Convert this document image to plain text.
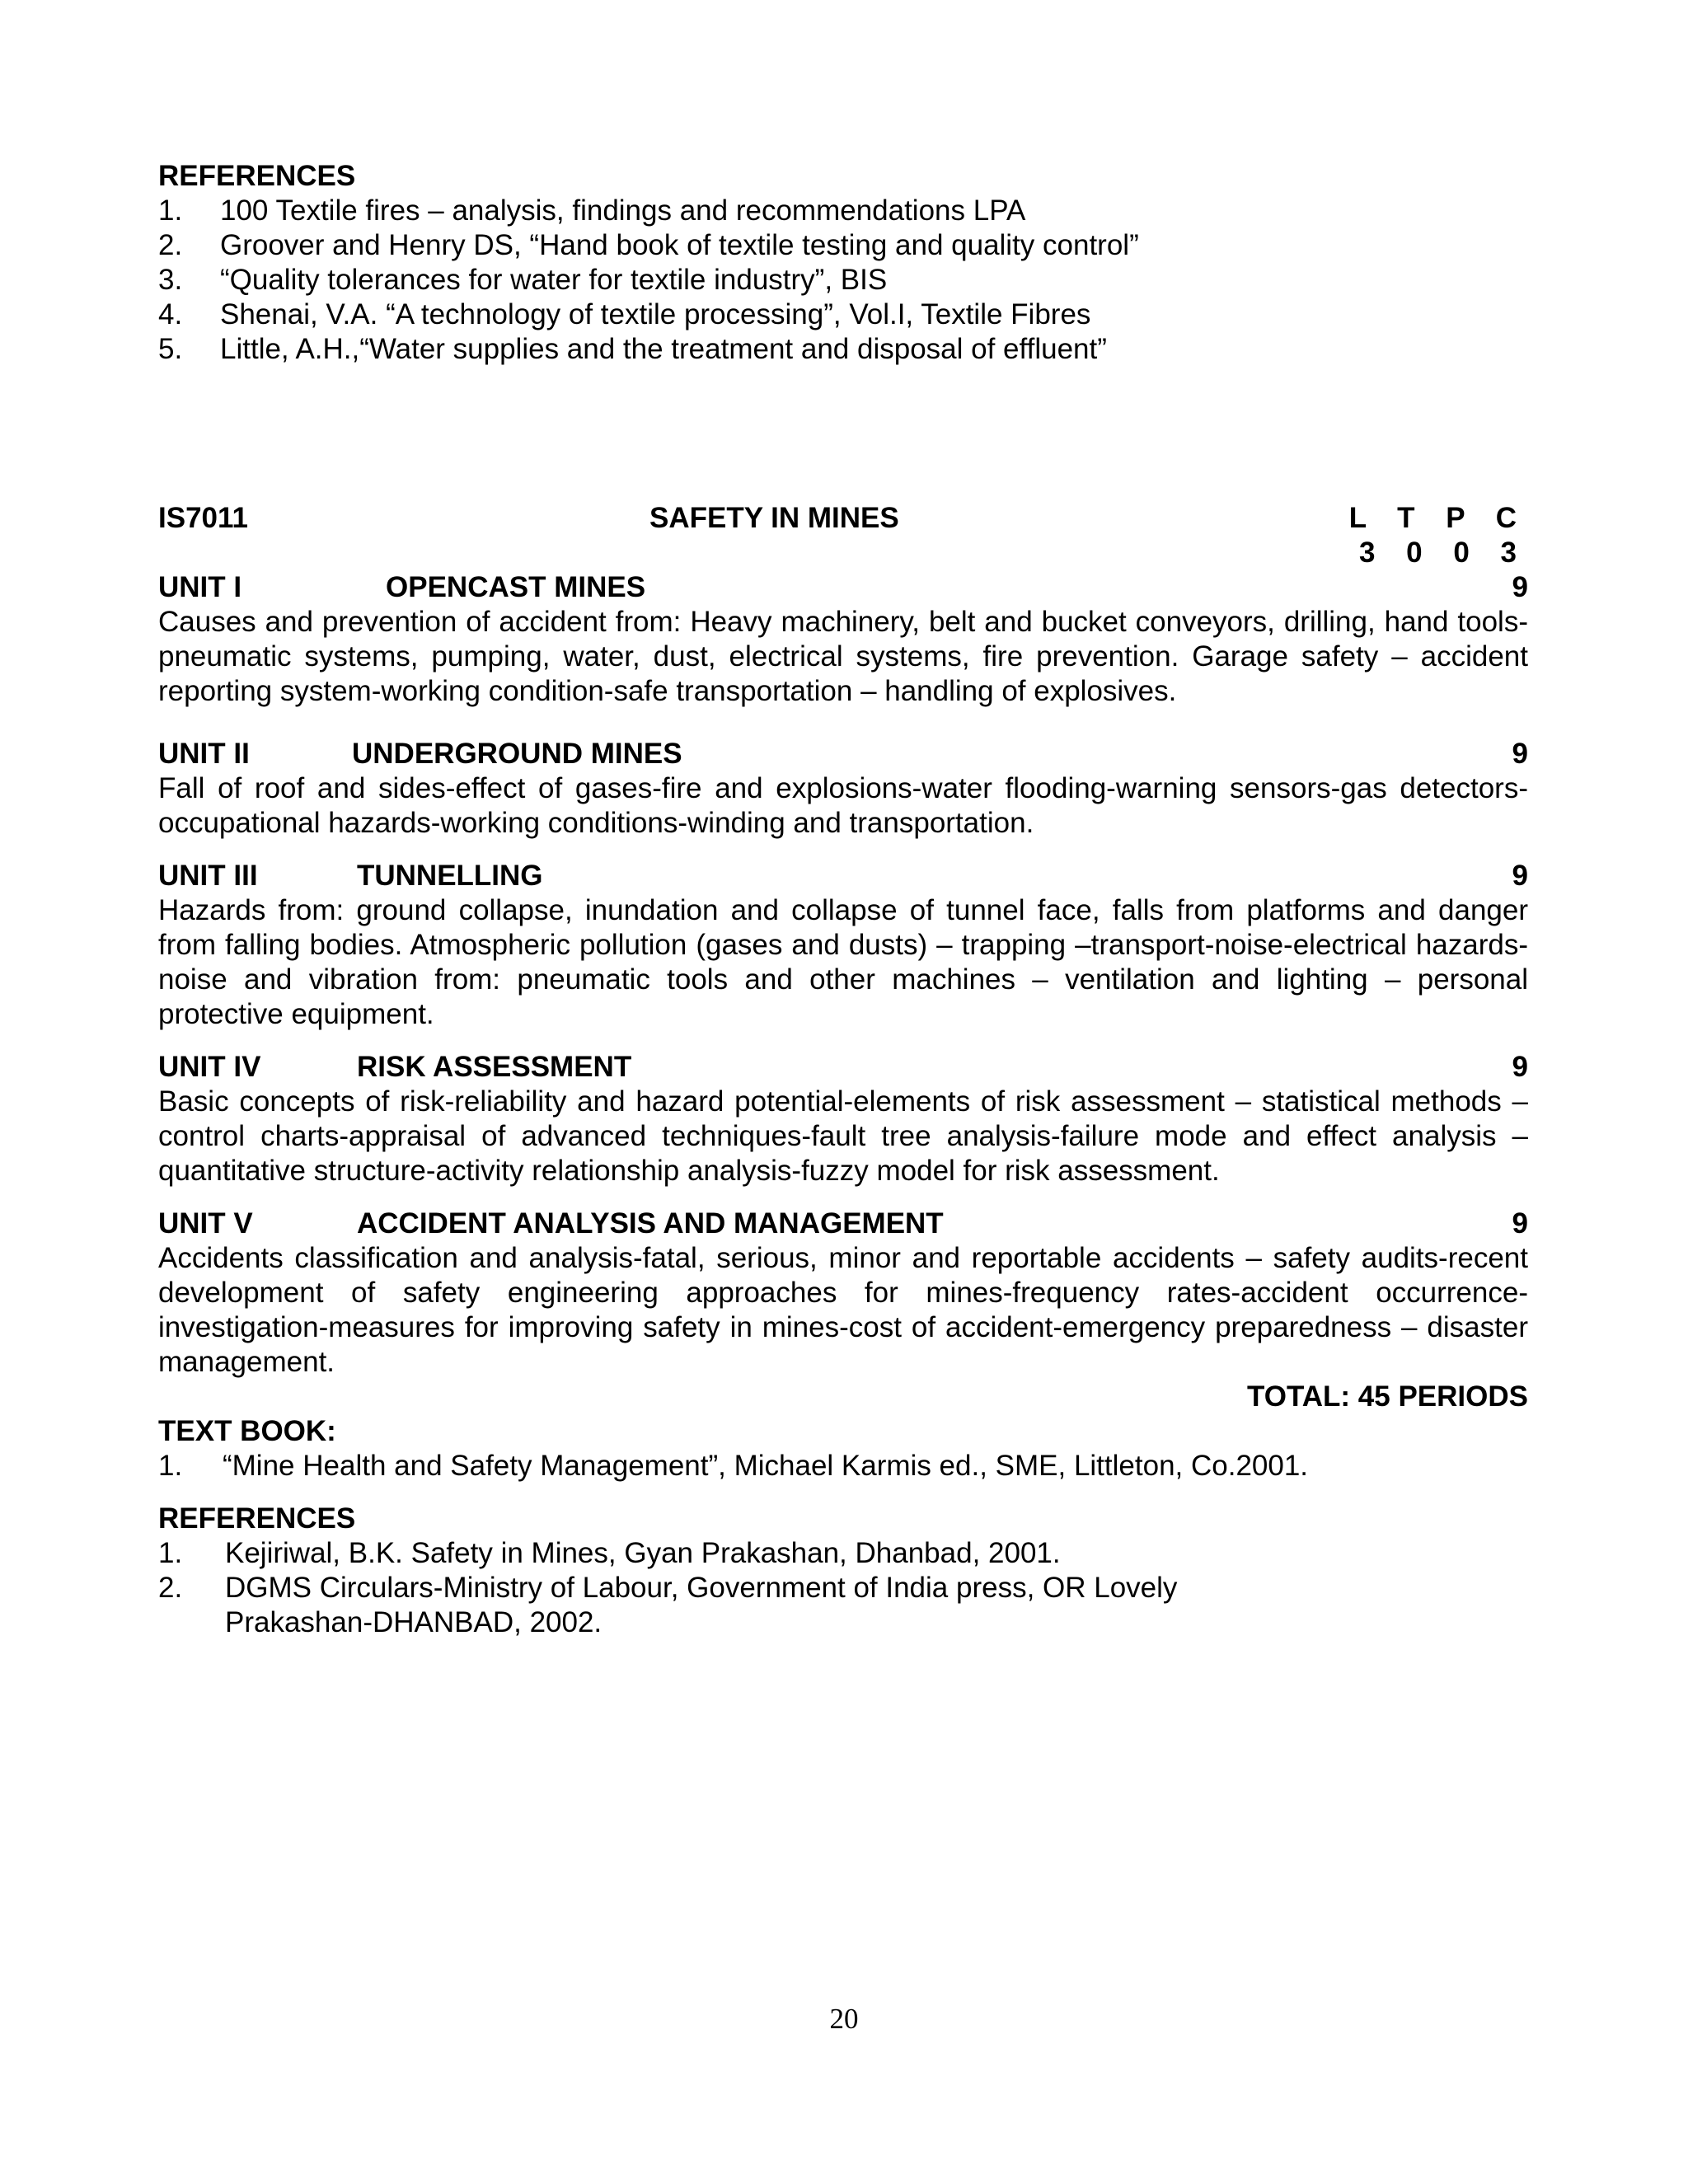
REFERENCES
1.	100 Textile fires – analysis, findings and recommendations LPA
2.	Groover and Henry DS, “Hand book of textile testing and quality control”
3.	“Quality tolerances for water for textile industry”, BIS
4.	Shenai, V.A. “A technology of textile processing”, Vol.I, Textile Fibres
5.	Little, A.H.,“Water supplies and the treatment and disposal of effluent”
IS7011	SAFETY IN MINES	L T P C
3 0 0 3
UNIT I	OPENCAST MINES	9

Causes and prevention of accident from: Heavy machinery, belt and bucket conveyors, drilling, hand tools-pneumatic systems, pumping, water, dust, electrical systems, fire prevention. Garage safety – accident reporting system-working condition-safe transportation – handling of explosives.

UNIT II	UNDERGROUND MINES	9

Fall of roof and sides-effect of gases-fire and explosions-water flooding-warning sensors-gas detectors-occupational hazards-working conditions-winding and transportation.

UNIT III	TUNNELLING	9

Hazards from: ground collapse, inundation and collapse of tunnel face, falls from platforms and danger from falling bodies. Atmospheric pollution (gases and dusts) – trapping –transport-noise-electrical hazards-noise and vibration from: pneumatic tools and other machines – ventilation and lighting – personal protective equipment.

UNIT IV	RISK ASSESSMENT	9

Basic concepts of risk-reliability and hazard potential-elements of risk assessment – statistical methods – control charts-appraisal of advanced techniques-fault tree analysis-failure mode and effect analysis – quantitative structure-activity relationship analysis-fuzzy model for risk assessment.

UNIT V	ACCIDENT ANALYSIS AND MANAGEMENT	9

Accidents classification and analysis-fatal, serious, minor and reportable accidents – safety audits-recent development of safety engineering approaches for mines-frequency rates-accident occurrence-investigation-measures for improving safety in mines-cost of accident-emergency preparedness – disaster management.

TOTAL: 45 PERIODS
TEXT BOOK:
1.	“Mine Health and Safety Management”, Michael Karmis ed., SME, Littleton, Co.2001.
REFERENCES
1.	Kejiriwal, B.K. Safety in Mines, Gyan Prakashan, Dhanbad, 2001.
2.	DGMS Circulars-Ministry of Labour, Government of India press, OR Lovely
Prakashan-DHANBAD, 2002.
20
